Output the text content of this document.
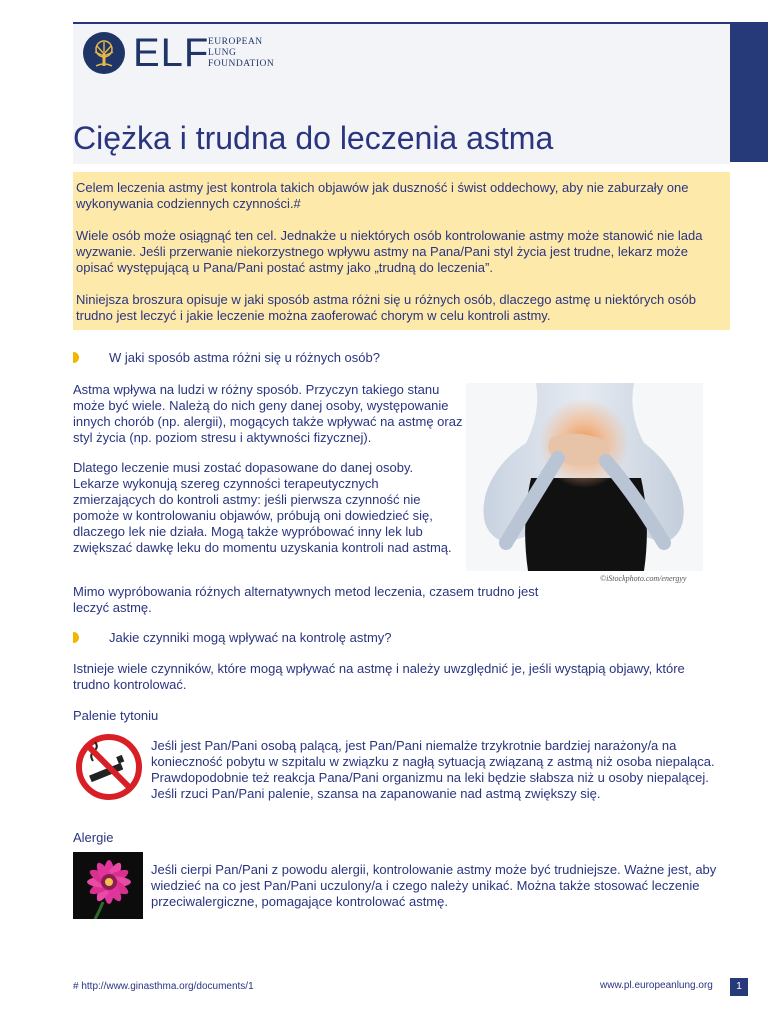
ELF
EUROPEAN
LUNG
FOUNDATION
Ciężka i trudna do leczenia astma

Celem leczenia astmy jest kontrola takich objawów jak duszność i świst oddechowy, aby nie zaburzały one wykonywania codziennych czynności.#

Wiele osób może osiągnąć ten cel. Jednakże u niektórych osób kontrolowanie astmy może stanowić nie lada wyzwanie. Jeśli przerwanie niekorzystnego wpływu astmy na Pana/Pani styl życia jest trudne, lekarz może opisać występującą u Pana/Pani postać astmy jako „trudną do leczenia”.

Niniejsza broszura opisuje w jaki sposób astma różni się u różnych osób, dlaczego astmę u niektórych osób trudno jest leczyć i jakie leczenie można zaoferować chorym w celu kontroli astmy.

W jaki sposób astma różni się u różnych osób?

Astma wpływa na ludzi w różny sposób. Przyczyn takiego stanu może być wiele. Należą do nich geny danej osoby, występowanie innych chorób (np. alergii), mogących także wpływać na astmę oraz styl życia (np. poziom stresu i aktywności fizycznej).

Dlatego leczenie musi zostać dopasowane do danej osoby. Lekarze wykonują szereg czynności terapeutycznych zmierzających do kontroli astmy: jeśli pierwsza czynność nie pomoże w kontrolowaniu objawów, próbują oni dowiedzieć się, dlaczego lek nie działa. Mogą także wypróbować inny lek lub zwiększać dawkę leku do momentu uzyskania kontroli nad astmą.

Mimo wypróbowania różnych alternatywnych metod leczenia, czasem trudno jest leczyć astmę.

©iStockphoto.com/energyy
Jakie czynniki mogą wpływać na kontrolę astmy?

Istnieje wiele czynników, które mogą wpływać na astmę i należy uwzględnić je, jeśli wystąpią objawy, które trudno kontrolować.

Palenie tytoniu

Jeśli jest Pan/Pani osobą palącą, jest Pan/Pani niemalże trzykrotnie bardziej narażony/a na konieczność pobytu w szpitalu w związku z nagłą sytuacją związaną z astmą niż osoba niepaląca. Prawdopodobnie też reakcja Pana/Pani organizmu na leki będzie słabsza niż u osoby niepalącej. Jeśli rzuci Pan/Pani palenie, szansa na zapanowanie nad astmą zwiększy się.

Alergie

Jeśli cierpi Pan/Pani z powodu alergii, kontrolowanie astmy może być trudniejsze. Ważne jest, aby wiedzieć na co jest Pan/Pani uczulony/a i czego należy unikać. Można także stosować leczenie przeciwalergiczne, pomagające kontrolować astmę.

# http://www.ginasthma.org/documents/1	www.pl.europeanlung.org	1
